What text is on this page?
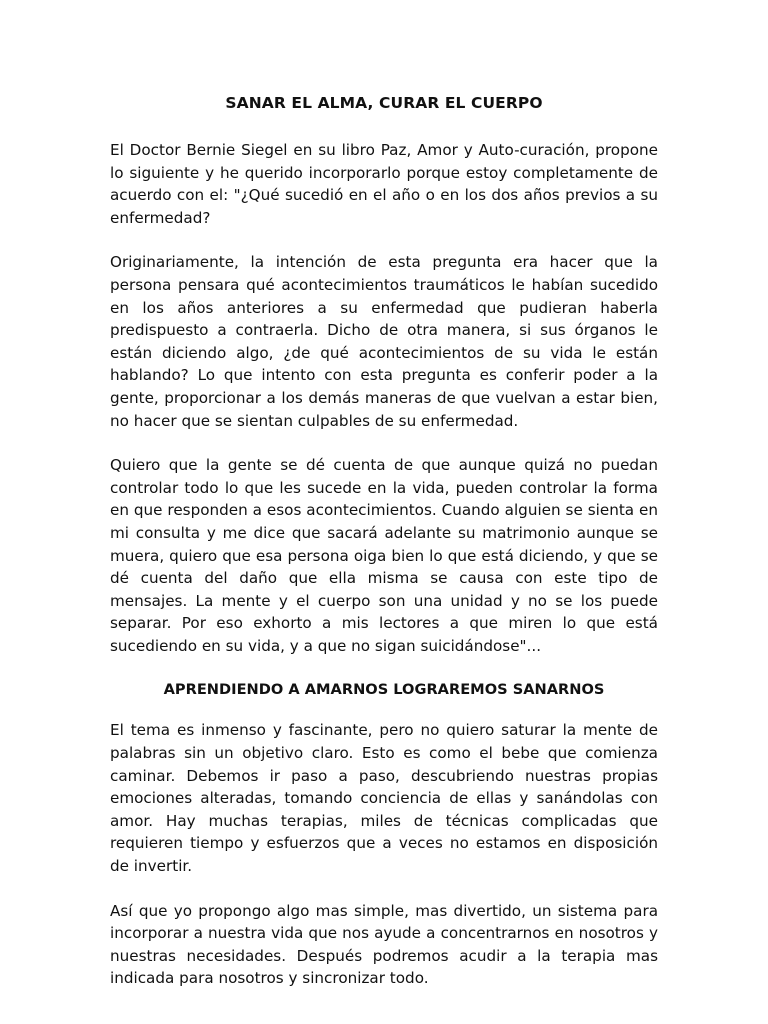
SANAR EL ALMA, CURAR EL CUERPO

El Doctor Bernie Siegel en su libro Paz, Amor y Auto-curación, propone lo siguiente y he querido incorporarlo porque estoy completamente de acuerdo con el: "¿Qué sucedió en el año o en los dos años previos a su enfermedad?

Originariamente, la intención de esta pregunta era hacer que la persona pensara qué acontecimientos traumáticos le habían sucedido en los años anteriores a su enfermedad que pudieran haberla predispuesto a contraerla. Dicho de otra manera, si sus órganos le están diciendo algo, ¿de qué acontecimientos de su vida le están hablando? Lo que intento con esta pregunta es conferir poder a la gente, proporcionar a los demás maneras de que vuelvan a estar bien, no hacer que se sientan culpables de su enfermedad.

Quiero que la gente se dé cuenta de que aunque quizá no puedan controlar todo lo que les sucede en la vida, pueden controlar la forma en que responden a esos acontecimientos. Cuando alguien se sienta en mi consulta y me dice que sacará adelante su matrimonio aunque se muera, quiero que esa persona oiga bien lo que está diciendo, y que se dé cuenta del daño que ella misma se causa con este tipo de mensajes. La mente y el cuerpo son una unidad y no se los puede separar. Por eso exhorto a mis lectores a que miren lo que está sucediendo en su vida, y a que no sigan suicidándose"...

APRENDIENDO A AMARNOS LOGRAREMOS SANARNOS

El tema es inmenso y fascinante, pero no quiero saturar la mente de palabras sin un objetivo claro. Esto es como el bebe que comienza caminar. Debemos ir paso a paso, descubriendo nuestras propias emociones alteradas, tomando conciencia de ellas y sanándolas con amor. Hay muchas terapias, miles de técnicas complicadas que requieren tiempo y esfuerzos que a veces no estamos en disposición de invertir.

Así que yo propongo algo mas simple, mas divertido, un sistema para incorporar a nuestra vida que nos ayude a concentrarnos en nosotros y nuestras necesidades. Después podremos acudir a la terapia mas indicada para nosotros y sincronizar todo.
